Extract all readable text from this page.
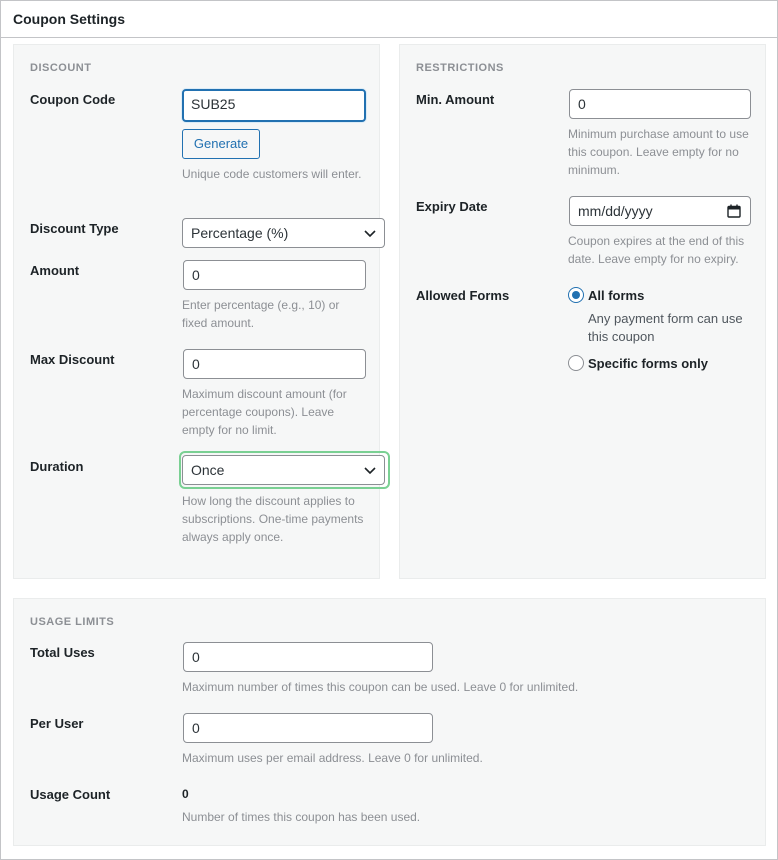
Coupon Settings
DISCOUNT
Coupon Code	SUB25
Generate
Unique code customers will enter.
Discount Type	Percentage (%)
Amount	0
Enter percentage (e.g., 10) or fixed amount.
Max Discount	0
Maximum discount amount (for percentage coupons). Leave empty for no limit.
Duration	Once
How long the discount applies to subscriptions. One-time payments always apply once.
RESTRICTIONS
Min. Amount	0
Minimum purchase amount to use this coupon. Leave empty for no minimum.
Expiry Date	mm/dd/yyyy
Coupon expires at the end of this date. Leave empty for no expiry.
Allowed Forms	All forms
Any payment form can use this coupon
Specific forms only
USAGE LIMITS
Total Uses	0
Maximum number of times this coupon can be used. Leave 0 for unlimited.
Per User	0
Maximum uses per email address. Leave 0 for unlimited.
Usage Count	0
Number of times this coupon has been used.
